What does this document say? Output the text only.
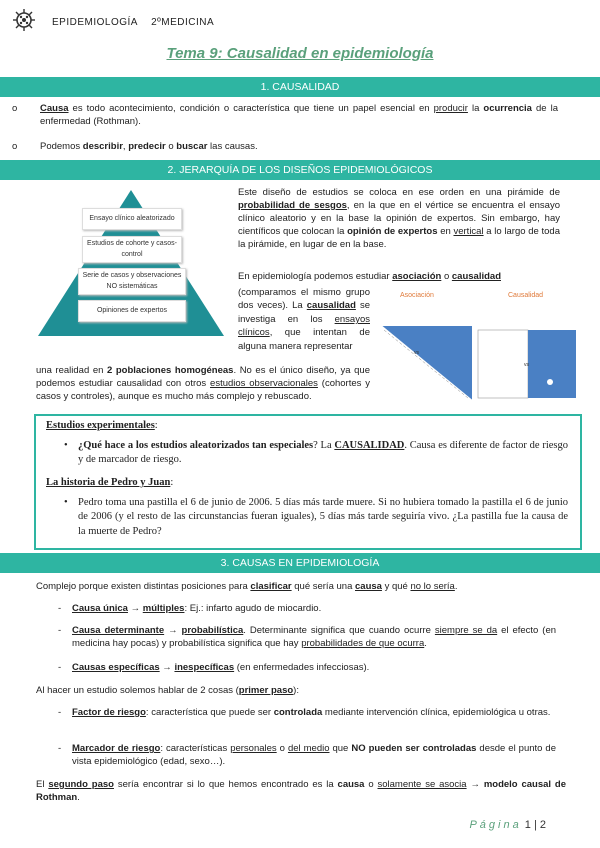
EPIDEMIOLOGÍA 2ºMEDICINA
Tema 9: Causalidad en epidemiología
1. CAUSALIDAD
o Causa es todo acontecimiento, condición o característica que tiene un papel esencial en producir la ocurrencia de la enfermedad (Rothman).
o Podemos describir, predecir o buscar las causas.
2. JERARQUÍA DE LOS DISEÑOS EPIDEMIOLÓGICOS
Ensayo clínico aleatorizado
Estudios de cohorte y casos-control
Serie de casos y observaciones NO sistemáticas
Opiniones de expertos
Este diseño de estudios se coloca en ese orden en una pirámide de probabilidad de sesgos, en la que en el vértice se encuentra el ensayo clínico aleatorio y en la base la opinión de expertos. Sin embargo, hay científicos que colocan la opinión de expertos en vertical a lo largo de toda la pirámide, en lugar de en la base.
En epidemiología podemos estudiar asociación o causalidad
(comparamos el mismo grupo dos veces). La causalidad se investiga en los ensayos clínicos, que intentan de alguna manera representar
una realidad en 2 poblaciones homogéneas. No es el único diseño, ya que podemos estudiar causalidad con otros estudios observacionales (cohortes y casos y controles), aunque es mucho más complejo y rebuscado.
Asociación	Causalidad
vs
vs
Estudios experimentales:
• ¿Qué hace a los estudios aleatorizados tan especiales? La CAUSALIDAD. Causa es diferente de factor de riesgo y de marcador de riesgo.
La historia de Pedro y Juan:
• Pedro toma una pastilla el 6 de junio de 2006. 5 días más tarde muere. Si no hubiera tomado la pastilla el 6 de junio de 2006 (y el resto de las circunstancias fueran iguales), 5 días más tarde seguiría vivo. ¿La pastilla fue la causa de la muerte de Pedro?
3. CAUSAS EN EPIDEMIOLOGÍA
Complejo porque existen distintas posiciones para clasificar qué sería una causa y qué no lo sería.
- Causa única → múltiples: Ej.: infarto agudo de miocardio.
- Causa determinante → probabilística. Determinante significa que cuando ocurre siempre se da el efecto (en medicina hay pocas) y probabilística significa que hay probabilidades de que ocurra.
- Causas específicas → inespecíficas (en enfermedades infecciosas).
Al hacer un estudio solemos hablar de 2 cosas (primer paso):
- Factor de riesgo: característica que puede ser controlada mediante intervención clínica, epidemiológica u otras.
- Marcador de riesgo: características personales o del medio que NO pueden ser controladas desde el punto de vista epidemiológico (edad, sexo…).
El segundo paso sería encontrar si lo que hemos encontrado es la causa o solamente se asocia → modelo causal de Rothman.
Página 1 | 2
